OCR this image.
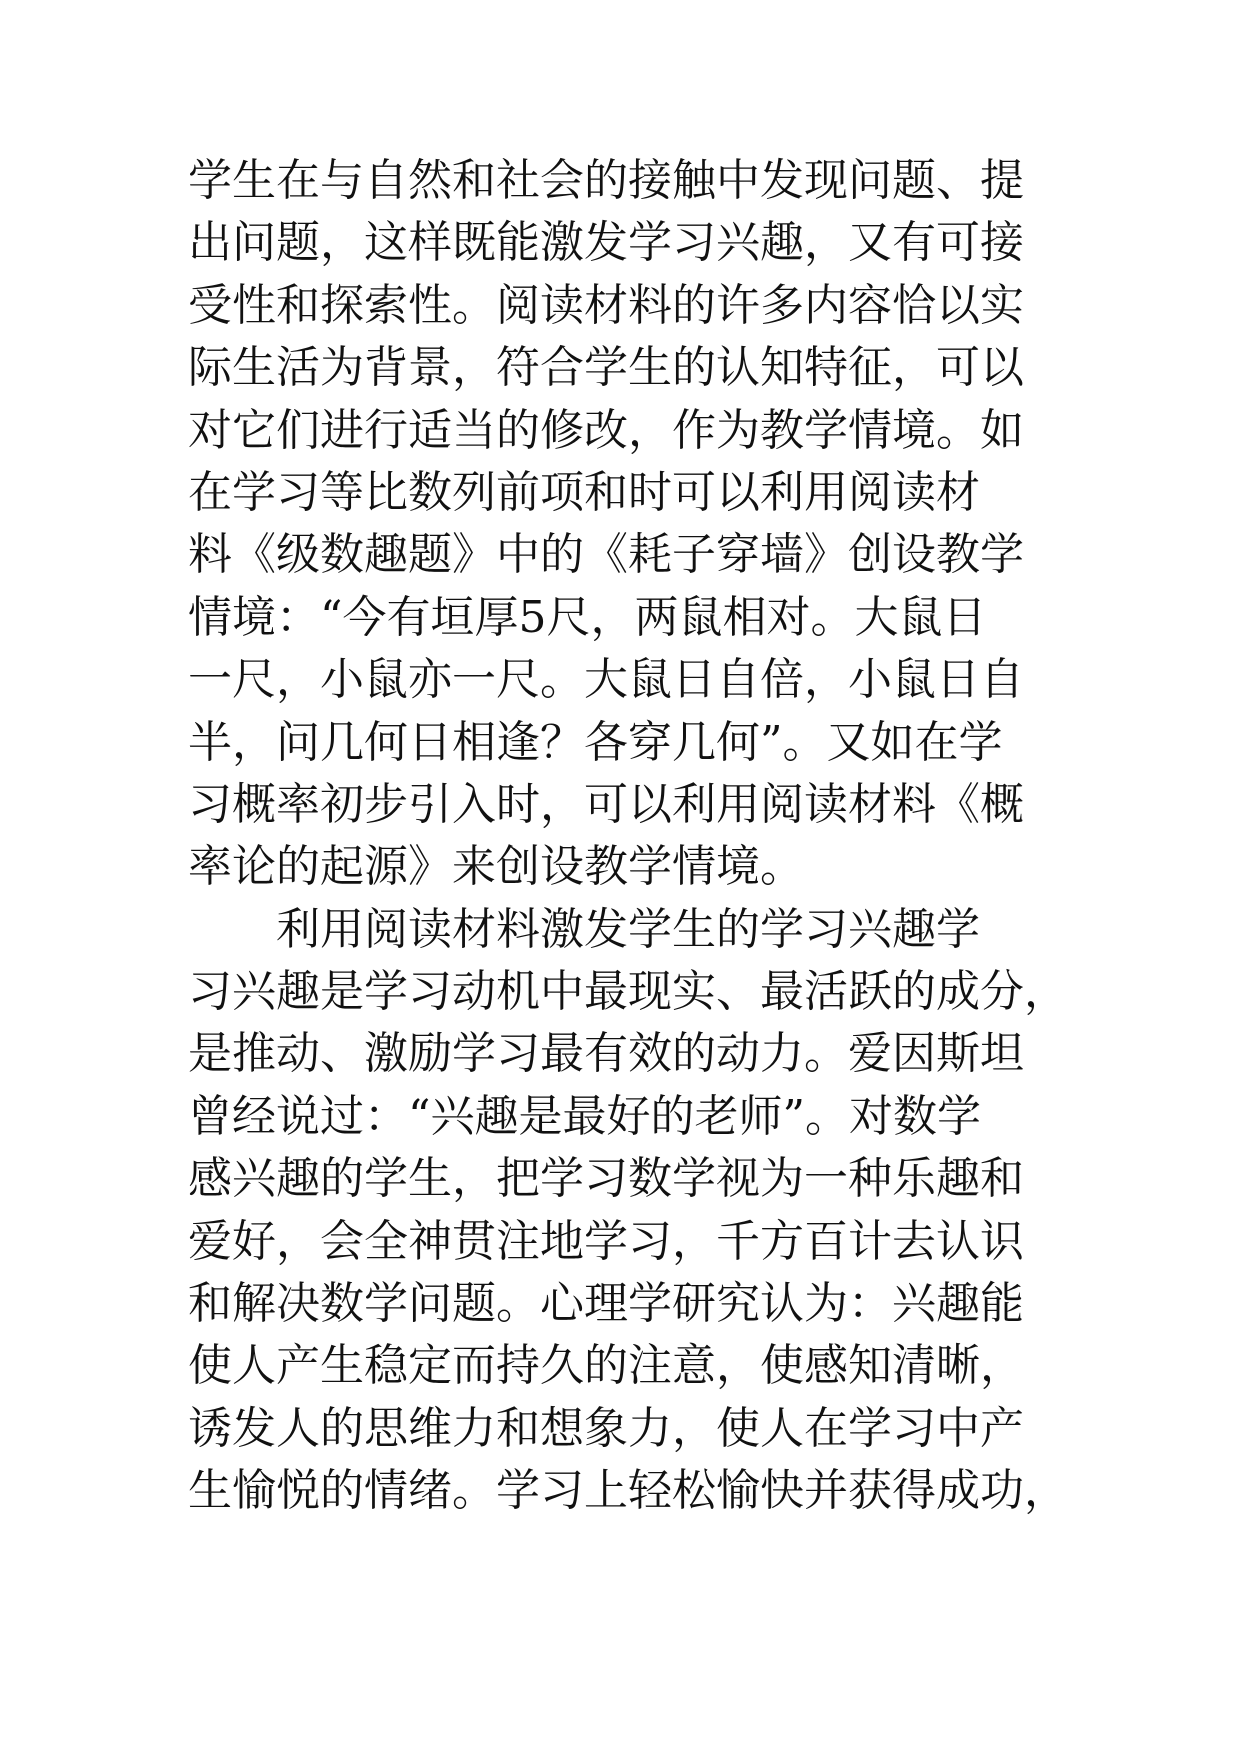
学生在与自然和社会的接触中发现问题、提
出问题，这样既能激发学习兴趣，又有可接
受性和探索性。阅读材料的许多内容恰以实
际生活为背景，符合学生的认知特征，可以
对它们进行适当的修改，作为教学情境。如
在学习等比数列前项和时可以利用阅读材
料《级数趣题》中的《耗子穿墙》创设教学
情境：“今有垣厚5尺，两鼠相对。大鼠日
一尺，小鼠亦一尺。大鼠日自倍，小鼠日自
半，问几何日相逢？各穿几何”。又如在学
习概率初步引入时，可以利用阅读材料《概
率论的起源》来创设教学情境。
利用阅读材料激发学生的学习兴趣学
习兴趣是学习动机中最现实、最活跃的成分，
是推动、激励学习最有效的动力。爱因斯坦
曾经说过：“兴趣是最好的老师”。对数学
感兴趣的学生，把学习数学视为一种乐趣和
爱好，会全神贯注地学习，千方百计去认识
和解决数学问题。心理学研究认为：兴趣能
使人产生稳定而持久的注意，使感知清晰，
诱发人的思维力和想象力，使人在学习中产
生愉悦的情绪。学习上轻松愉快并获得成功，
